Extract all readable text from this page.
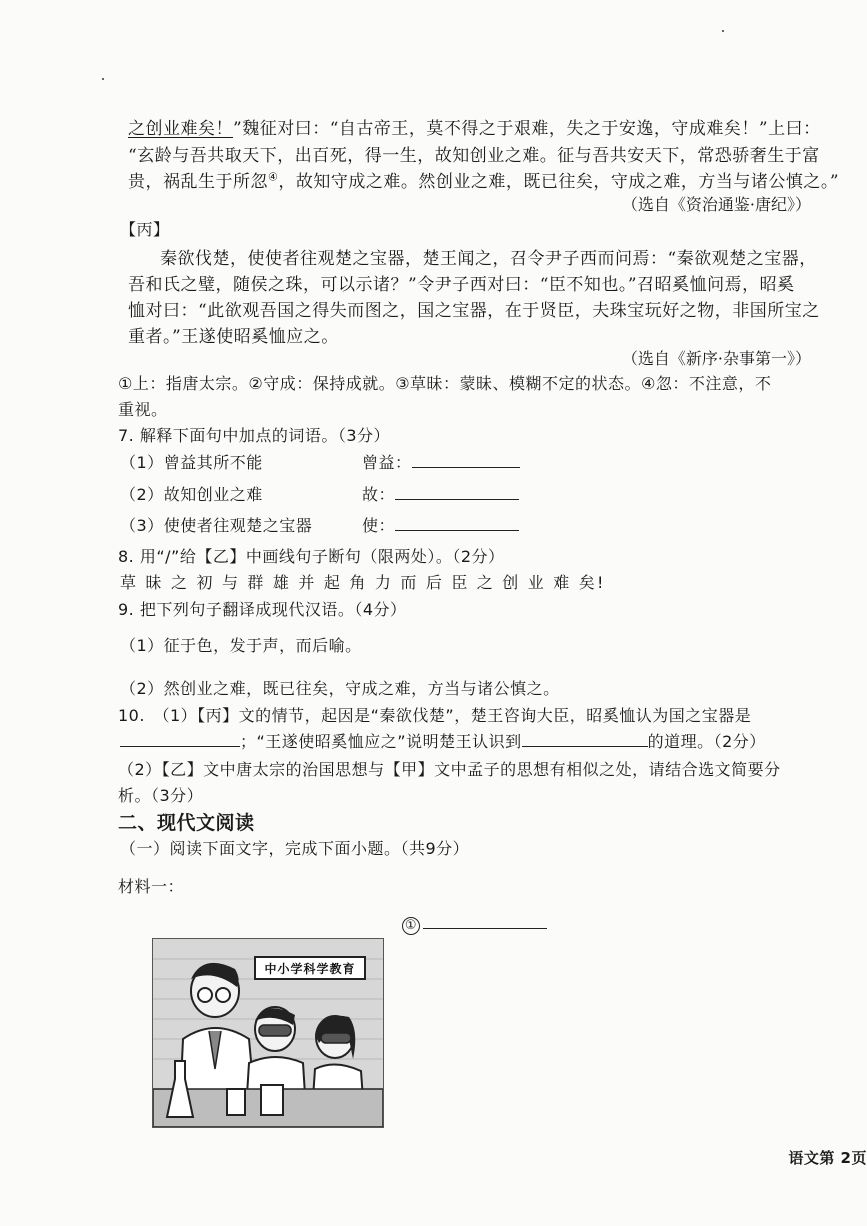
之创业难矣！”魏征对曰：“自古帝王，莫不得之于艰难，失之于安逸，守成难矣！”上曰：
“玄龄与吾共取天下，出百死，得一生，故知创业之难。征与吾共安天下，常恐骄奢生于富
贵，祸乱生于所忽④，故知守成之难。然创业之难，既已往矣，守成之难，方当与诸公慎之。”
（选自《资治通鉴·唐纪》）
【丙】
秦欲伐楚，使使者往观楚之宝器，楚王闻之，召令尹子西而问焉：“秦欲观楚之宝器，
吾和氏之璧，随侯之珠，可以示诸？”令尹子西对曰：“臣不知也。”召昭奚恤问焉，昭奚
恤对曰：“此欲观吾国之得失而图之，国之宝器，在于贤臣，夫珠宝玩好之物，非国所宝之
重者。”王遂使昭奚恤应之。
（选自《新序·杂事第一》）
①上：指唐太宗。②守成：保持成就。③草昧：蒙昧、模糊不定的状态。④忽：不注意，不
重视。
7. 解释下面句中加点的词语。（3分）
（1）曾益其所不能	曾益：
（2）故知创业之难	故：
（3）使使者往观楚之宝器	使：
8. 用“/”给【乙】中画线句子断句（限两处）。（2分）
草 昧 之 初 与 群 雄 并 起 角 力 而 后 臣 之 创 业 难 矣!
9. 把下列句子翻译成现代汉语。（4分）
（1）征于色，发于声，而后喻。
（2）然创业之难，既已往矣，守成之难，方当与诸公慎之。
10.　（1）【丙】文的情节，起因是“秦欲伐楚”，楚王咨询大臣，昭奚恤认为国之宝器是
；“王遂使昭奚恤应之”说明楚王认识到	的道理。（2分）
（2）【乙】文中唐太宗的治国思想与【甲】文中孟子的思想有相似之处，请结合选文简要分
析。（3分）
二、现代文阅读
（一）阅读下面文字，完成下面小题。（共9分）
材料一：
①
中小学科学教育
语文第 2页
